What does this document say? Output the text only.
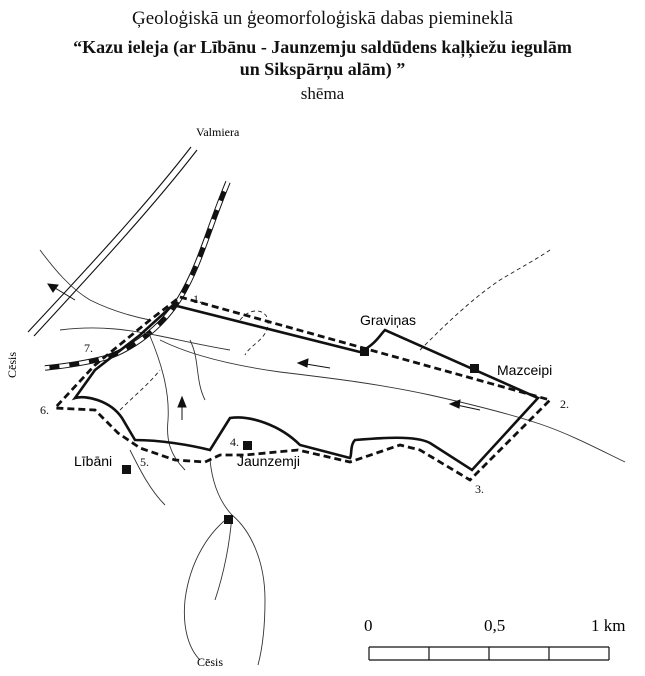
Ģeoloģiskā un ģeomorfoloģiskā dabas piemineklā
“Kazu ieleja (ar Lībānu - Jaunzemju saldūdens kaļķiežu iegulām
un Sikspārņu alām) ”
shēma
1.
2.
3.
4.
5.
6.
7.
Valmiera
Cēsis
Cēsis
Graviņas
Mazceipi
Lībāni	Jaunzemji
0	0,5	1 km
